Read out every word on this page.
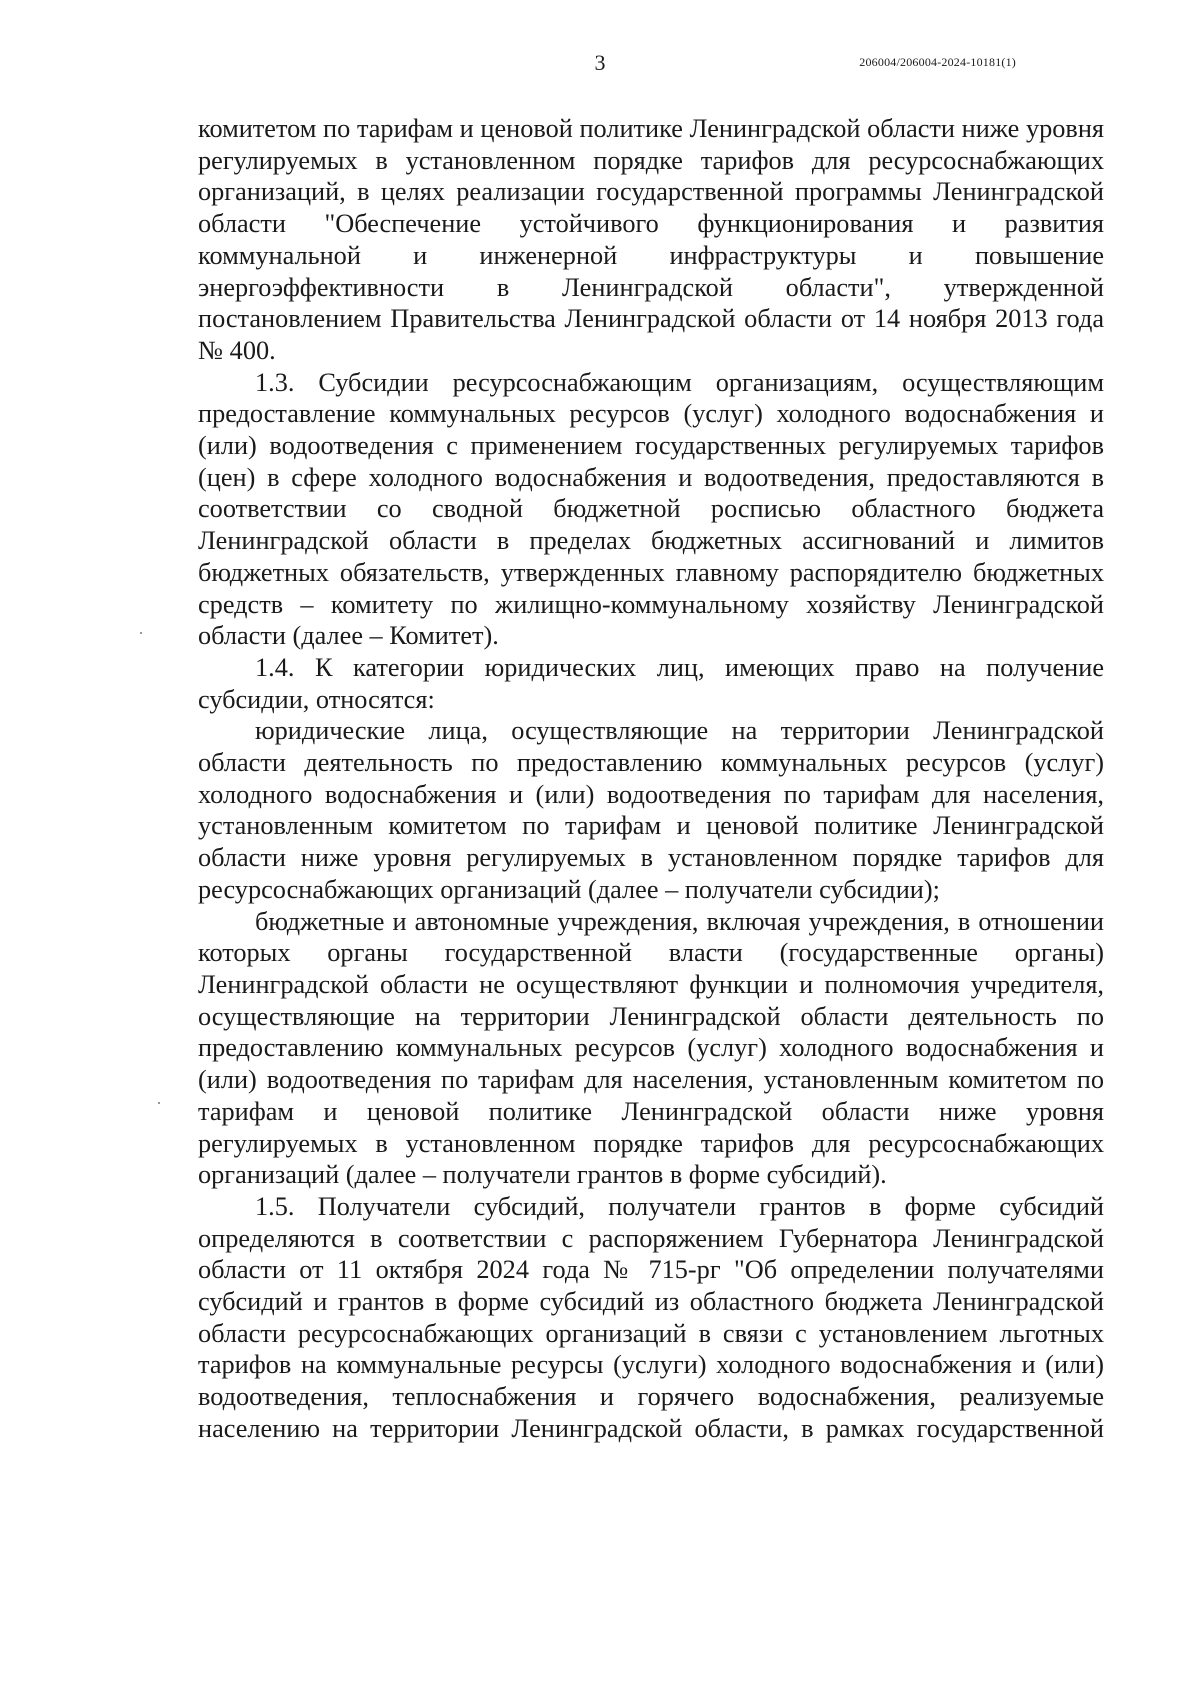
3	206004/206004-2024-10181(1)

комитетом по тарифам и ценовой политике Ленинградской области ниже уровня регулируемых в установленном порядке тарифов для ресурсоснабжающих организаций, в целях реализации государственной программы Ленинградской области "Обеспечение устойчивого функционирования и развития коммунальной и инженерной инфраструктуры и повышение энергоэффективности в Ленинградской области", утвержденной постановлением Правительства Ленинградской области от 14 ноября 2013 года № 400.

1.3. Субсидии ресурсоснабжающим организациям, осуществляющим предоставление коммунальных ресурсов (услуг) холодного водоснабжения и (или) водоотведения с применением государственных регулируемых тарифов (цен) в сфере холодного водоснабжения и водоотведения, предоставляются в соответствии со сводной бюджетной росписью областного бюджета Ленинградской области в пределах бюджетных ассигнований и лимитов бюджетных обязательств, утвержденных главному распорядителю бюджетных средств – комитету по жилищно-коммунальному хозяйству Ленинградской области (далее – Комитет).

1.4. К категории юридических лиц, имеющих право на получение субсидии, относятся:

юридические лица, осуществляющие на территории Ленинградской области деятельность по предоставлению коммунальных ресурсов (услуг) холодного водоснабжения и (или) водоотведения по тарифам для населения, установленным комитетом по тарифам и ценовой политике Ленинградской области ниже уровня регулируемых в установленном порядке тарифов для ресурсоснабжающих организаций (далее – получатели субсидии);

бюджетные и автономные учреждения, включая учреждения, в отношении которых органы государственной власти (государственные органы) Ленинградской области не осуществляют функции и полномочия учредителя, осуществляющие на территории Ленинградской области деятельность по предоставлению коммунальных ресурсов (услуг) холодного водоснабжения и (или) водоотведения по тарифам для населения, установленным комитетом по тарифам и ценовой политике Ленинградской области ниже уровня регулируемых в установленном порядке тарифов для ресурсоснабжающих организаций (далее – получатели грантов в форме субсидий).

1.5. Получатели субсидий, получатели грантов в форме субсидий определяются в соответствии с распоряжением Губернатора Ленинградской области от 11 октября 2024 года № 715-рг "Об определении получателями субсидий и грантов в форме субсидий из областного бюджета Ленинградской области ресурсоснабжающих организаций в связи с установлением льготных тарифов на коммунальные ресурсы (услуги) холодного водоснабжения и (или) водоотведения, теплоснабжения и горячего водоснабжения, реализуемые населению на территории Ленинградской области, в рамках государственной
